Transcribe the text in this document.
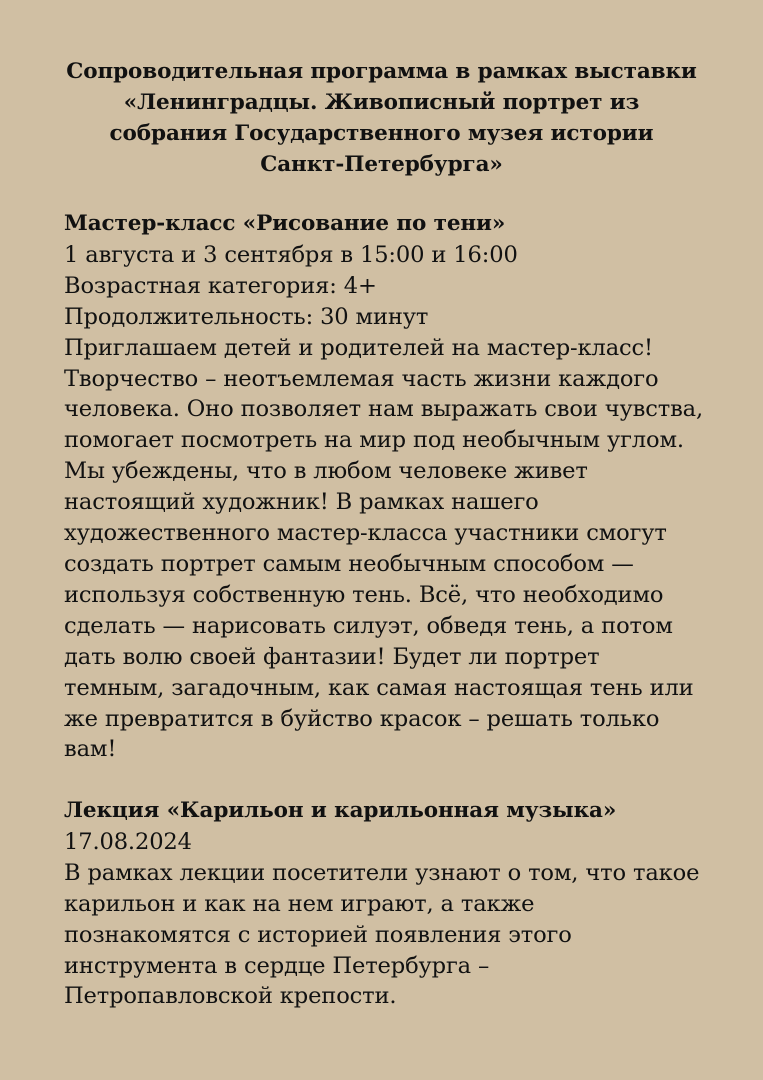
Сопроводительная программа в рамках выставки
«Ленинградцы. Живописный портрет из
собрания Государственного музея истории
Санкт-Петербурга»
Мастер-класс «Рисование по тени»
1 августа и 3 сентября в 15:00 и 16:00
Возрастная категория: 4+
Продолжительность: 30 минут
Приглашаем детей и родителей на мастер-класс!
Творчество – неотъемлемая часть жизни каждого
человека. Оно позволяет нам выражать свои чувства,
помогает посмотреть на мир под необычным углом.
Мы убеждены, что в любом человеке живет
настоящий художник! В рамках нашего
художественного мастер-класса участники смогут
создать портрет самым необычным способом —
используя собственную тень. Всё, что необходимо
сделать — нарисовать силуэт, обведя тень, а потом
дать волю своей фантазии! Будет ли портрет
темным, загадочным, как самая настоящая тень или
же превратится в буйство красок – решать только
вам!
Лекция «Карильон и карильонная музыка»
17.08.2024
В рамках лекции посетители узнают о том, что такое
карильон и как на нем играют, а также
познакомятся с историей появления этого
инструмента в сердце Петербурга –
Петропавловской крепости.
